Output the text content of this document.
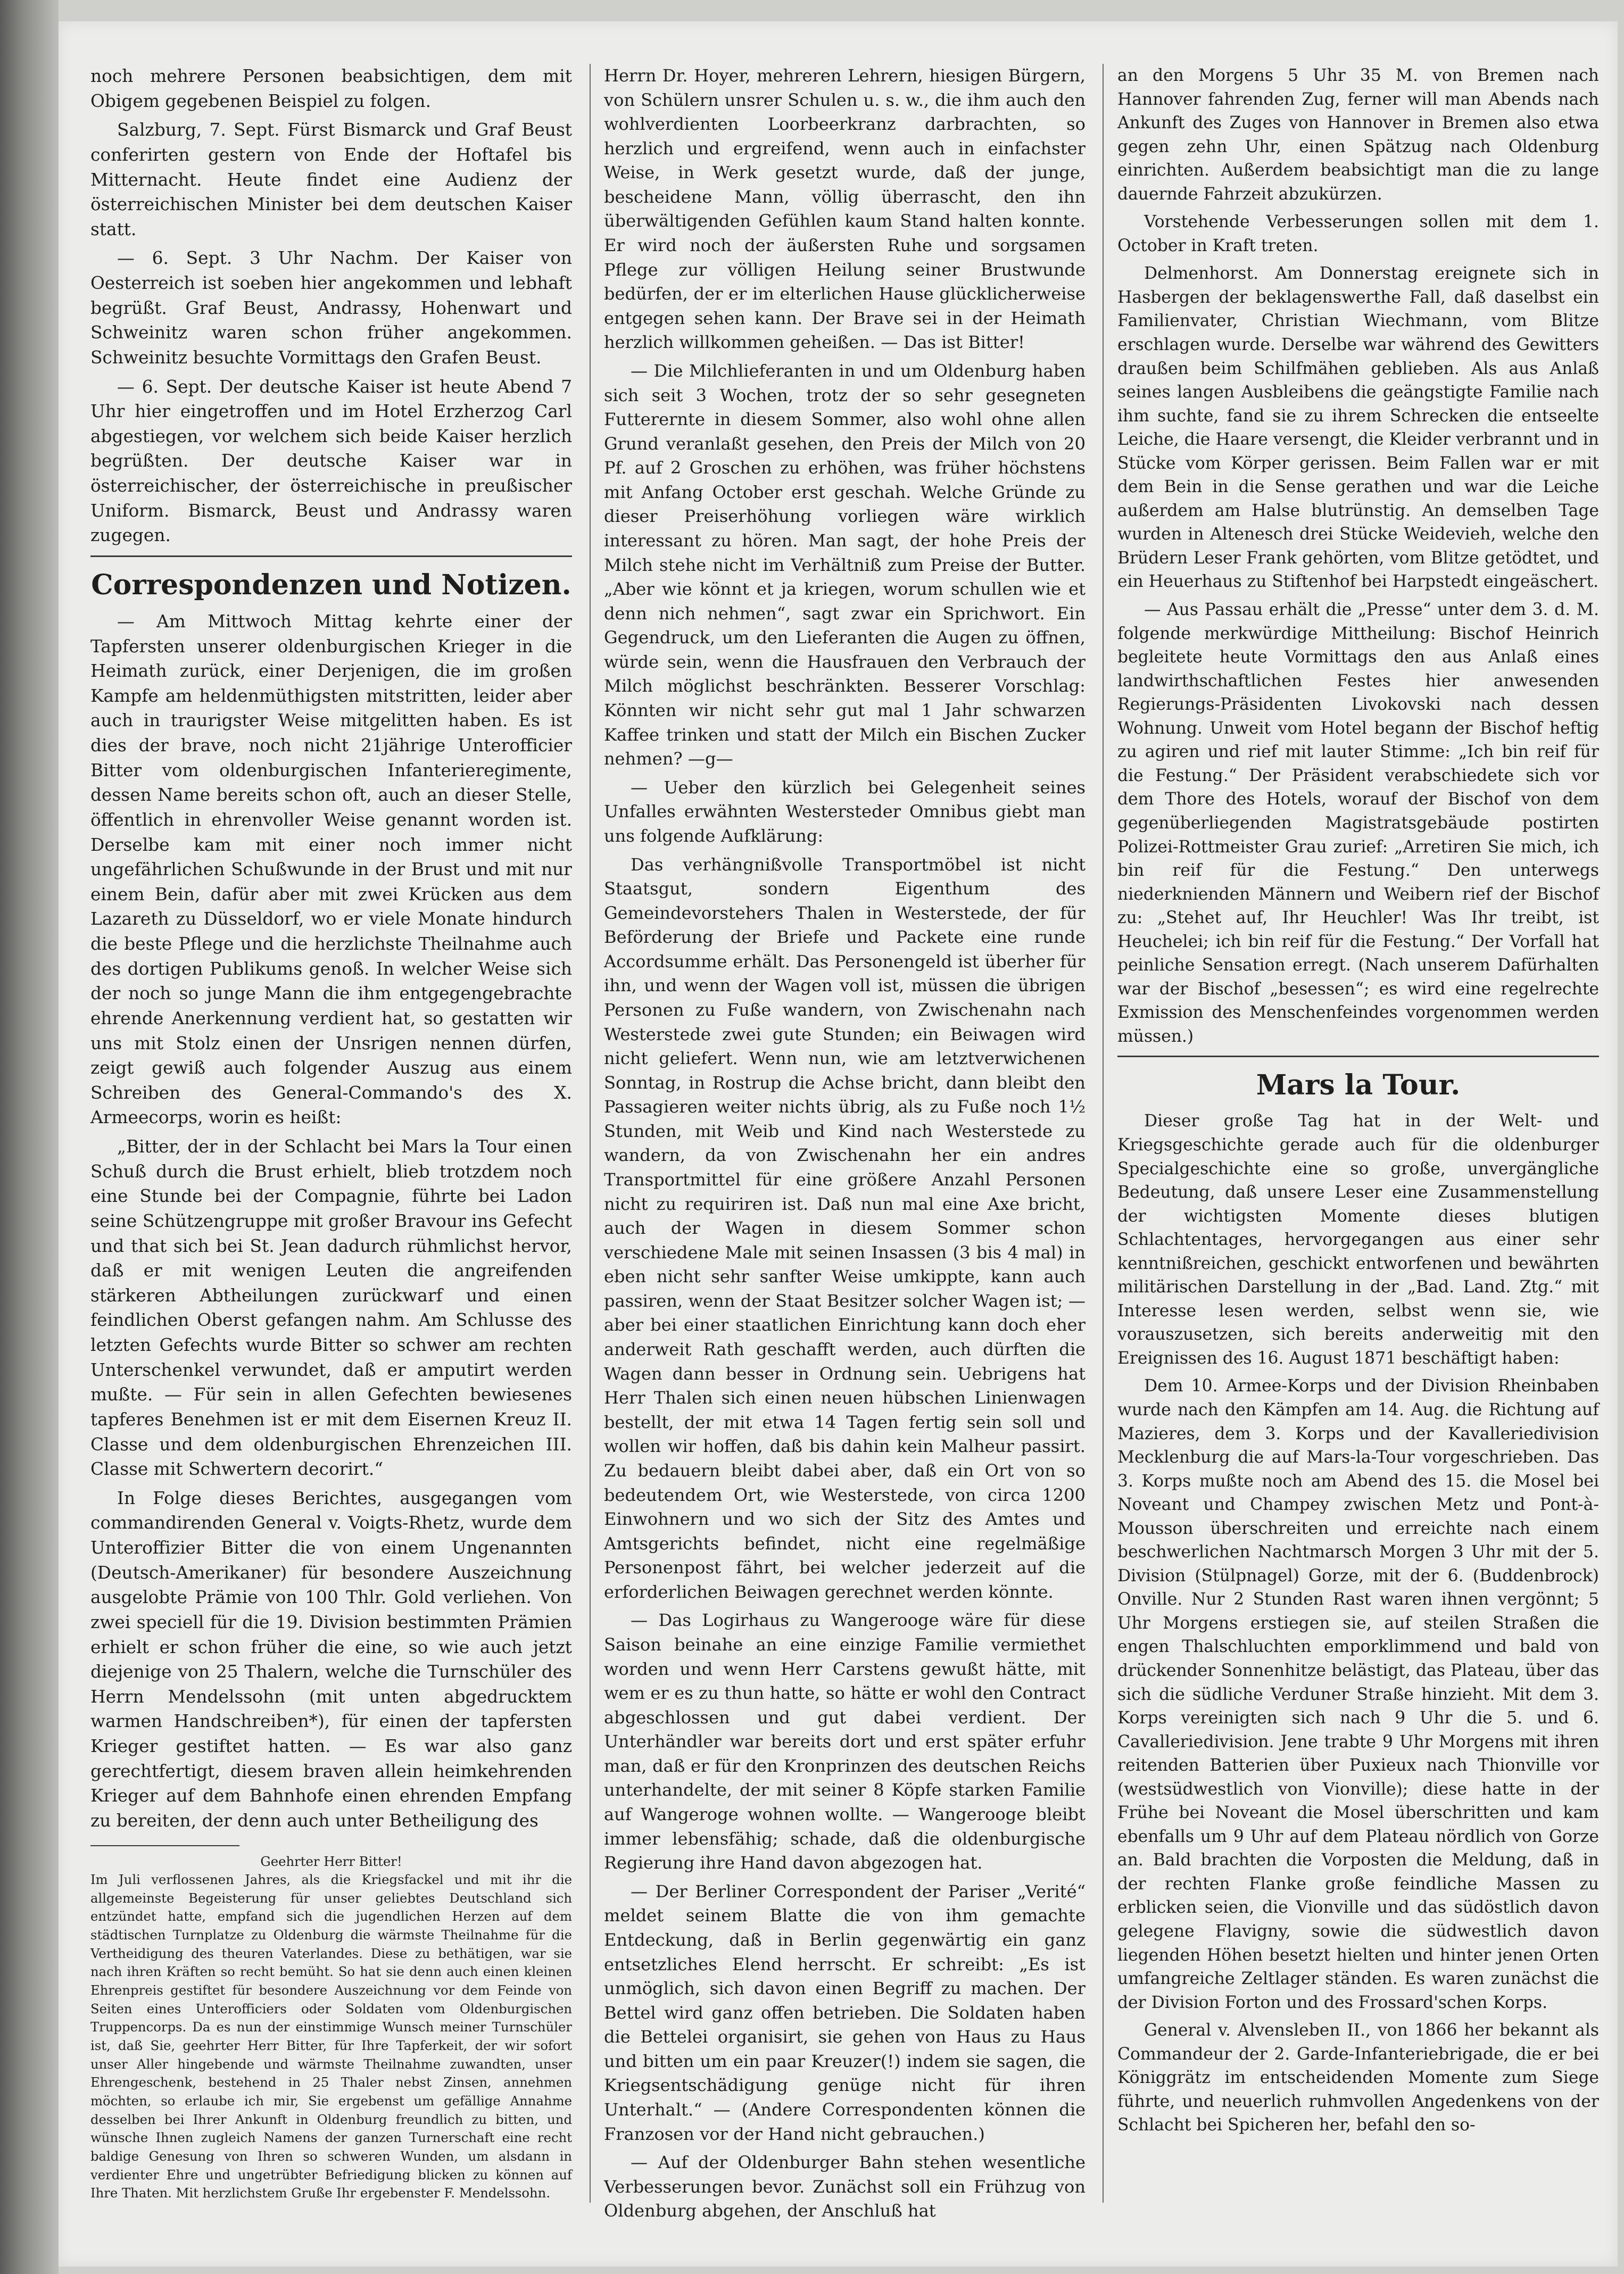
noch mehrere Personen beabsichtigen, dem mit Obigem gegebenen Beispiel zu folgen.

Salzburg, 7. Sept. Fürst Bismarck und Graf Beust conferirten gestern von Ende der Hoftafel bis Mitternacht. Heute findet eine Audienz der österreichischen Minister bei dem deutschen Kaiser statt.

— 6. Sept. 3 Uhr Nachm. Der Kaiser von Oesterreich ist soeben hier angekommen und lebhaft begrüßt. Graf Beust, Andrassy, Hohenwart und Schweinitz waren schon früher angekommen. Schweinitz besuchte Vormittags den Grafen Beust.

— 6. Sept. Der deutsche Kaiser ist heute Abend 7 Uhr hier eingetroffen und im Hotel Erzherzog Carl abgestiegen, vor welchem sich beide Kaiser herzlich begrüßten. Der deutsche Kaiser war in österreichischer, der österreichische in preußischer Uniform. Bismarck, Beust und Andrassy waren zugegen.

Correspondenzen und Notizen.

— Am Mittwoch Mittag kehrte einer der Tapfersten unserer oldenburgischen Krieger in die Heimath zurück, einer Derjenigen, die im großen Kampfe am heldenmüthigsten mitstritten, leider aber auch in traurigster Weise mitgelitten haben. Es ist dies der brave, noch nicht 21jährige Unterofficier Bitter vom oldenburgischen Infanterieregimente, dessen Name bereits schon oft, auch an dieser Stelle, öffentlich in ehrenvoller Weise genannt worden ist. Derselbe kam mit einer noch immer nicht ungefährlichen Schußwunde in der Brust und mit nur einem Bein, dafür aber mit zwei Krücken aus dem Lazareth zu Düsseldorf, wo er viele Monate hindurch die beste Pflege und die herzlichste Theilnahme auch des dortigen Publikums genoß. In welcher Weise sich der noch so junge Mann die ihm entgegengebrachte ehrende Anerkennung verdient hat, so gestatten wir uns mit Stolz einen der Unsrigen nennen dürfen, zeigt gewiß auch folgender Auszug aus einem Schreiben des General-Commando's des X. Armeecorps, worin es heißt:

„Bitter, der in der Schlacht bei Mars la Tour einen Schuß durch die Brust erhielt, blieb trotzdem noch eine Stunde bei der Compagnie, führte bei Ladon seine Schützengruppe mit großer Bravour ins Gefecht und that sich bei St. Jean dadurch rühmlichst hervor, daß er mit wenigen Leuten die angreifenden stärkeren Abtheilungen zurückwarf und einen feindlichen Oberst gefangen nahm. Am Schlusse des letzten Gefechts wurde Bitter so schwer am rechten Unterschenkel verwundet, daß er amputirt werden mußte. — Für sein in allen Gefechten bewiesenes tapferes Benehmen ist er mit dem Eisernen Kreuz II. Classe und dem oldenburgischen Ehrenzeichen III. Classe mit Schwertern decorirt.“

In Folge dieses Berichtes, ausgegangen vom commandirenden General v. Voigts-Rhetz, wurde dem Unteroffizier Bitter die von einem Ungenannten (Deutsch-Amerikaner) für besondere Auszeichnung ausgelobte Prämie von 100 Thlr. Gold verliehen. Von zwei speciell für die 19. Division bestimmten Prämien erhielt er schon früher die eine, so wie auch jetzt diejenige von 25 Thalern, welche die Turnschüler des Herrn Mendelssohn (mit unten abgedrucktem warmen Handschreiben*), für einen der tapfersten Krieger gestiftet hatten. — Es war also ganz gerechtfertigt, diesem braven allein heimkehrenden Krieger auf dem Bahnhofe einen ehrenden Empfang zu bereiten, der denn auch unter Betheiligung des

Geehrter Herr Bitter!

Im Juli verflossenen Jahres, als die Kriegsfackel und mit ihr die allgemeinste Begeisterung für unser geliebtes Deutschland sich entzündet hatte, empfand sich die jugendlichen Herzen auf dem städtischen Turnplatze zu Oldenburg die wärmste Theilnahme für die Vertheidigung des theuren Vaterlandes. Diese zu bethätigen, war sie nach ihren Kräften so recht bemüht. So hat sie denn auch einen kleinen Ehrenpreis gestiftet für besondere Auszeichnung vor dem Feinde von Seiten eines Unterofficiers oder Soldaten vom Oldenburgischen Truppencorps. Da es nun der einstimmige Wunsch meiner Turnschüler ist, daß Sie, geehrter Herr Bitter, für Ihre Tapferkeit, der wir sofort unser Aller hingebende und wärmste Theilnahme zuwandten, unser Ehrengeschenk, bestehend in 25 Thaler nebst Zinsen, annehmen möchten, so erlaube ich mir, Sie ergebenst um gefällige Annahme desselben bei Ihrer Ankunft in Oldenburg freundlich zu bitten, und wünsche Ihnen zugleich Namens der ganzen Turnerschaft eine recht baldige Genesung von Ihren so schweren Wunden, um alsdann in verdienter Ehre und ungetrübter Befriedigung blicken zu können auf Ihre Thaten. Mit herzlichstem Gruße Ihr ergebenster F. Mendelssohn.

Herrn Dr. Hoyer, mehreren Lehrern, hiesigen Bürgern, von Schülern unsrer Schulen u. s. w., die ihm auch den wohlverdienten Loorbeerkranz darbrachten, so herzlich und ergreifend, wenn auch in einfachster Weise, in Werk gesetzt wurde, daß der junge, bescheidene Mann, völlig überrascht, den ihn überwältigenden Gefühlen kaum Stand halten konnte. Er wird noch der äußersten Ruhe und sorgsamen Pflege zur völligen Heilung seiner Brustwunde bedürfen, der er im elterlichen Hause glücklicherweise entgegen sehen kann. Der Brave sei in der Heimath herzlich willkommen geheißen. — Das ist Bitter!

— Die Milchlieferanten in und um Oldenburg haben sich seit 3 Wochen, trotz der so sehr gesegneten Futterernte in diesem Sommer, also wohl ohne allen Grund veranlaßt gesehen, den Preis der Milch von 20 Pf. auf 2 Groschen zu erhöhen, was früher höchstens mit Anfang October erst geschah. Welche Gründe zu dieser Preiserhöhung vorliegen wäre wirklich interessant zu hören. Man sagt, der hohe Preis der Milch stehe nicht im Verhältniß zum Preise der Butter. „Aber wie könnt et ja kriegen, worum schullen wie et denn nich nehmen“, sagt zwar ein Sprichwort. Ein Gegendruck, um den Lieferanten die Augen zu öffnen, würde sein, wenn die Hausfrauen den Verbrauch der Milch möglichst beschränkten. Besserer Vorschlag: Könnten wir nicht sehr gut mal 1 Jahr schwarzen Kaffee trinken und statt der Milch ein Bischen Zucker nehmen? —g—

— Ueber den kürzlich bei Gelegenheit seines Unfalles erwähnten Westersteder Omnibus giebt man uns folgende Aufklärung:

Das verhängnißvolle Transportmöbel ist nicht Staatsgut, sondern Eigenthum des Gemeindevorstehers Thalen in Westerstede, der für Beförderung der Briefe und Packete eine runde Accordsumme erhält. Das Personengeld ist überher für ihn, und wenn der Wagen voll ist, müssen die übrigen Personen zu Fuße wandern, von Zwischenahn nach Westerstede zwei gute Stunden; ein Beiwagen wird nicht geliefert. Wenn nun, wie am letztverwichenen Sonntag, in Rostrup die Achse bricht, dann bleibt den Passagieren weiter nichts übrig, als zu Fuße noch 1½ Stunden, mit Weib und Kind nach Westerstede zu wandern, da von Zwischenahn her ein andres Transportmittel für eine größere Anzahl Personen nicht zu requiriren ist. Daß nun mal eine Axe bricht, auch der Wagen in diesem Sommer schon verschiedene Male mit seinen Insassen (3 bis 4 mal) in eben nicht sehr sanfter Weise umkippte, kann auch passiren, wenn der Staat Besitzer solcher Wagen ist; — aber bei einer staatlichen Einrichtung kann doch eher anderweit Rath geschafft werden, auch dürften die Wagen dann besser in Ordnung sein. Uebrigens hat Herr Thalen sich einen neuen hübschen Linienwagen bestellt, der mit etwa 14 Tagen fertig sein soll und wollen wir hoffen, daß bis dahin kein Malheur passirt. Zu bedauern bleibt dabei aber, daß ein Ort von so bedeutendem Ort, wie Westerstede, von circa 1200 Einwohnern und wo sich der Sitz des Amtes und Amtsgerichts befindet, nicht eine regelmäßige Personenpost fährt, bei welcher jederzeit auf die erforderlichen Beiwagen gerechnet werden könnte.

— Das Logirhaus zu Wangerooge wäre für diese Saison beinahe an eine einzige Familie vermiethet worden und wenn Herr Carstens gewußt hätte, mit wem er es zu thun hatte, so hätte er wohl den Contract abgeschlossen und gut dabei verdient. Der Unterhändler war bereits dort und erst später erfuhr man, daß er für den Kronprinzen des deutschen Reichs unterhandelte, der mit seiner 8 Köpfe starken Familie auf Wangeroge wohnen wollte. — Wangerooge bleibt immer lebensfähig; schade, daß die oldenburgische Regierung ihre Hand davon abgezogen hat.

— Der Berliner Correspondent der Pariser „Verité“ meldet seinem Blatte die von ihm gemachte Entdeckung, daß in Berlin gegenwärtig ein ganz entsetzliches Elend herrscht. Er schreibt: „Es ist unmöglich, sich davon einen Begriff zu machen. Der Bettel wird ganz offen betrieben. Die Soldaten haben die Bettelei organisirt, sie gehen von Haus zu Haus und bitten um ein paar Kreuzer(!) indem sie sagen, die Kriegsentschädigung genüge nicht für ihren Unterhalt.“ — (Andere Correspondenten können die Franzosen vor der Hand nicht gebrauchen.)

— Auf der Oldenburger Bahn stehen wesentliche Verbesserungen bevor. Zunächst soll ein Frühzug von Oldenburg abgehen, der Anschluß hat

an den Morgens 5 Uhr 35 M. von Bremen nach Hannover fahrenden Zug, ferner will man Abends nach Ankunft des Zuges von Hannover in Bremen also etwa gegen zehn Uhr, einen Spätzug nach Oldenburg einrichten. Außerdem beabsichtigt man die zu lange dauernde Fahrzeit abzukürzen.

Vorstehende Verbesserungen sollen mit dem 1. October in Kraft treten.

Delmenhorst. Am Donnerstag ereignete sich in Hasbergen der beklagenswerthe Fall, daß daselbst ein Familienvater, Christian Wiechmann, vom Blitze erschlagen wurde. Derselbe war während des Gewitters draußen beim Schilfmähen geblieben. Als aus Anlaß seines langen Ausbleibens die geängstigte Familie nach ihm suchte, fand sie zu ihrem Schrecken die entseelte Leiche, die Haare versengt, die Kleider verbrannt und in Stücke vom Körper gerissen. Beim Fallen war er mit dem Bein in die Sense gerathen und war die Leiche außerdem am Halse blutrünstig. An demselben Tage wurden in Altenesch drei Stücke Weidevieh, welche den Brüdern Leser Frank gehörten, vom Blitze getödtet, und ein Heuerhaus zu Stiftenhof bei Harpstedt eingeäschert.

— Aus Passau erhält die „Presse“ unter dem 3. d. M. folgende merkwürdige Mittheilung: Bischof Heinrich begleitete heute Vormittags den aus Anlaß eines landwirthschaftlichen Festes hier anwesenden Regierungs-Präsidenten Livokovski nach dessen Wohnung. Unweit vom Hotel begann der Bischof heftig zu agiren und rief mit lauter Stimme: „Ich bin reif für die Festung.“ Der Präsident verabschiedete sich vor dem Thore des Hotels, worauf der Bischof von dem gegenüberliegenden Magistratsgebäude postirten Polizei-Rottmeister Grau zurief: „Arretiren Sie mich, ich bin reif für die Festung.“ Den unterwegs niederknienden Männern und Weibern rief der Bischof zu: „Stehet auf, Ihr Heuchler! Was Ihr treibt, ist Heuchelei; ich bin reif für die Festung.“ Der Vorfall hat peinliche Sensation erregt. (Nach unserem Dafürhalten war der Bischof „besessen“; es wird eine regelrechte Exmission des Menschenfeindes vorgenommen werden müssen.)

Mars la Tour.

Dieser große Tag hat in der Welt- und Kriegsgeschichte gerade auch für die oldenburger Specialgeschichte eine so große, unvergängliche Bedeutung, daß unsere Leser eine Zusammenstellung der wichtigsten Momente dieses blutigen Schlachtentages, hervorgegangen aus einer sehr kenntnißreichen, geschickt entworfenen und bewährten militärischen Darstellung in der „Bad. Land. Ztg.“ mit Interesse lesen werden, selbst wenn sie, wie vorauszusetzen, sich bereits anderweitig mit den Ereignissen des 16. August 1871 beschäftigt haben:

Dem 10. Armee-Korps und der Division Rheinbaben wurde nach den Kämpfen am 14. Aug. die Richtung auf Mazieres, dem 3. Korps und der Kavalleriedivision Mecklenburg die auf Mars-la-Tour vorgeschrieben. Das 3. Korps mußte noch am Abend des 15. die Mosel bei Noveant und Champey zwischen Metz und Pont-à-Mousson überschreiten und erreichte nach einem beschwerlichen Nachtmarsch Morgen 3 Uhr mit der 5. Division (Stülpnagel) Gorze, mit der 6. (Buddenbrock) Onville. Nur 2 Stunden Rast waren ihnen vergönnt; 5 Uhr Morgens erstiegen sie, auf steilen Straßen die engen Thalschluchten emporklimmend und bald von drückender Sonnenhitze belästigt, das Plateau, über das sich die südliche Verduner Straße hinzieht. Mit dem 3. Korps vereinigten sich nach 9 Uhr die 5. und 6. Cavalleriedivision. Jene trabte 9 Uhr Morgens mit ihren reitenden Batterien über Puxieux nach Thionville vor (westsüdwestlich von Vionville); diese hatte in der Frühe bei Noveant die Mosel überschritten und kam ebenfalls um 9 Uhr auf dem Plateau nördlich von Gorze an. Bald brachten die Vorposten die Meldung, daß in der rechten Flanke große feindliche Massen zu erblicken seien, die Vionville und das südöstlich davon gelegene Flavigny, sowie die südwestlich davon liegenden Höhen besetzt hielten und hinter jenen Orten umfangreiche Zeltlager ständen. Es waren zunächst die der Division Forton und des Frossard'schen Korps.

General v. Alvensleben II., von 1866 her bekannt als Commandeur der 2. Garde-Infanteriebrigade, die er bei Königgrätz im entscheidenden Momente zum Siege führte, und neuerlich ruhmvollen Angedenkens von der Schlacht bei Spicheren her, befahl den so-
